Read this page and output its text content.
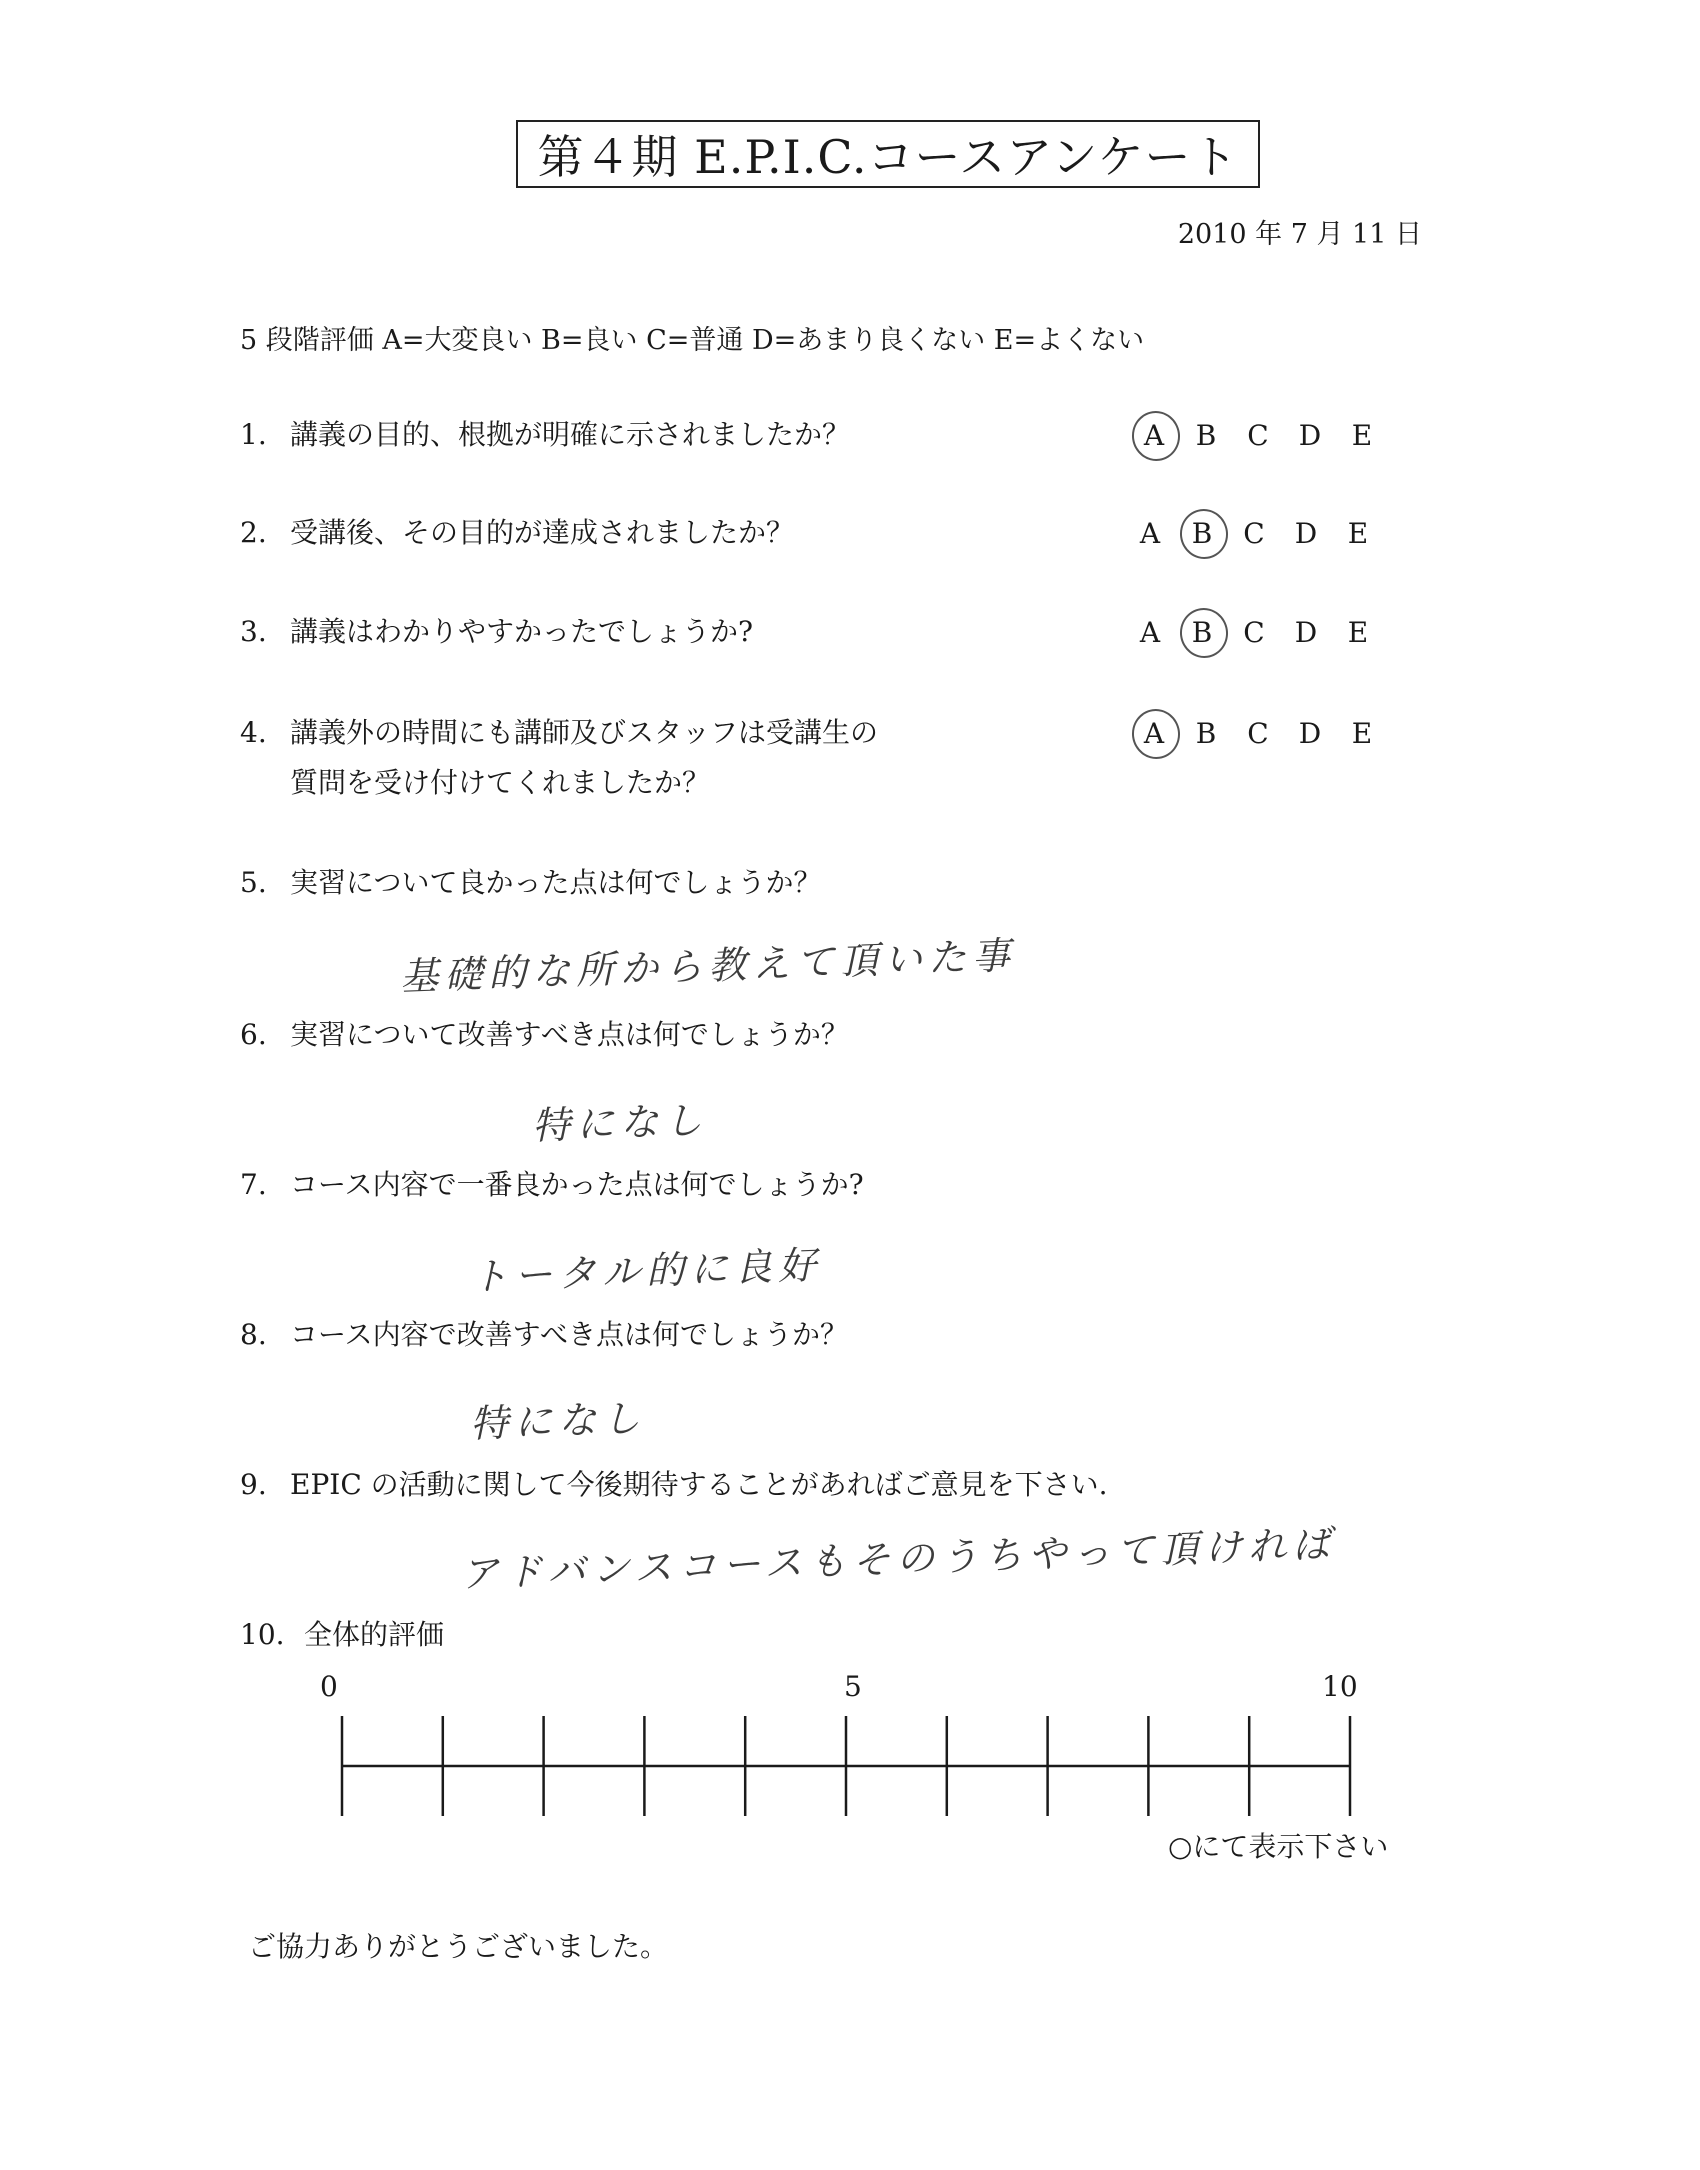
第４期 E.P.I.C.コースアンケート
2010 年 7 月 11 日
5 段階評価 A=大変良い B=良い C=普通 D=あまり良くない E=よくない
1. 講義の目的、根拠が明確に示されましたか？	A	B	C	D	E
2. 受講後、その目的が達成されましたか？	A	B	C	D	E
3. 講義はわかりやすかったでしょうか?	A	B	C	D	E
4. 講義外の時間にも講師及びスタッフは受講生の
質問を受け付けてくれましたか？
A	B	C	D	E
5. 実習について良かった点は何でしょうか？
基礎的な所から教えて頂いた事
6. 実習について改善すべき点は何でしょうか？
特になし
7. コース内容で一番良かった点は何でしょうか?
トータル的に良好
8. コース内容で改善すべき点は何でしょうか？
特になし
9. EPIC の活動に関して今後期待することがあればご意見を下さい.
アドバンスコースもそのうちやって頂ければ
10. 全体的評価
0	5	10
○にて表示下さい
ご協力ありがとうございました。
